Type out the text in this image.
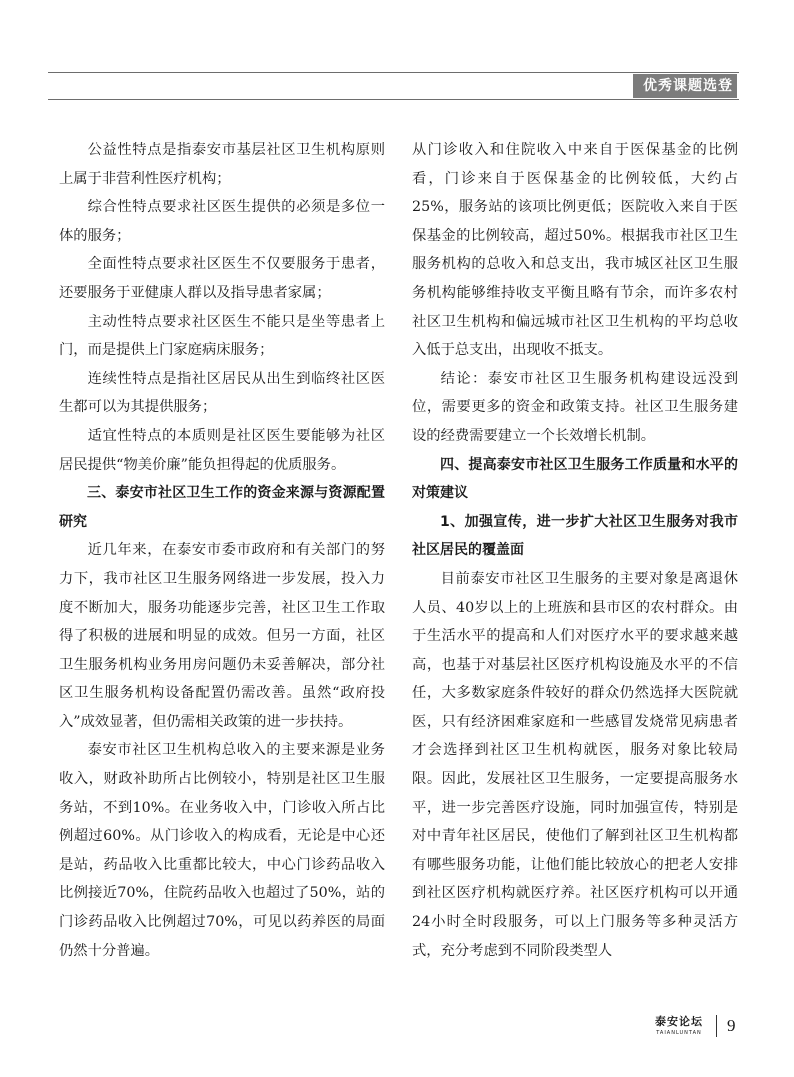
优秀课题选登

公益性特点是指泰安市基层社区卫生机构原则上属于非营利性医疗机构；

综合性特点要求社区医生提供的必须是多位一体的服务；

全面性特点要求社区医生不仅要服务于患者，还要服务于亚健康人群以及指导患者家属；

主动性特点要求社区医生不能只是坐等患者上门，而是提供上门家庭病床服务；

连续性特点是指社区居民从出生到临终社区医生都可以为其提供服务；

适宜性特点的本质则是社区医生要能够为社区居民提供“物美价廉”能负担得起的优质服务。

三、泰安市社区卫生工作的资金来源与资源配置研究

近几年来，在泰安市委市政府和有关部门的努力下，我市社区卫生服务网络进一步发展，投入力度不断加大，服务功能逐步完善，社区卫生工作取得了积极的进展和明显的成效。但另一方面，社区卫生服务机构业务用房问题仍未妥善解决，部分社区卫生服务机构设备配置仍需改善。虽然“政府投入”成效显著，但仍需相关政策的进一步扶持。

泰安市社区卫生机构总收入的主要来源是业务收入，财政补助所占比例较小，特别是社区卫生服务站，不到10%。在业务收入中，门诊收入所占比例超过60%。从门诊收入的构成看，无论是中心还是站，药品收入比重都比较大，中心门诊药品收入比例接近70%，住院药品收入也超过了50%，站的门诊药品收入比例超过70%，可见以药养医的局面仍然十分普遍。

从门诊收入和住院收入中来自于医保基金的比例看，门诊来自于医保基金的比例较低，大约占25%，服务站的该项比例更低；医院收入来自于医保基金的比例较高，超过50%。根据我市社区卫生服务机构的总收入和总支出，我市城区社区卫生服务机构能够维持收支平衡且略有节余，而许多农村社区卫生机构和偏远城市社区卫生机构的平均总收入低于总支出，出现收不抵支。

结论：泰安市社区卫生服务机构建设远没到位，需要更多的资金和政策支持。社区卫生服务建设的经费需要建立一个长效增长机制。

四、提高泰安市社区卫生服务工作质量和水平的对策建议

1、加强宣传，进一步扩大社区卫生服务对我市社区居民的覆盖面

目前泰安市社区卫生服务的主要对象是离退休人员、40岁以上的上班族和县市区的农村群众。由于生活水平的提高和人们对医疗水平的要求越来越高，也基于对基层社区医疗机构设施及水平的不信任，大多数家庭条件较好的群众仍然选择大医院就医，只有经济困难家庭和一些感冒发烧常见病患者才会选择到社区卫生机构就医，服务对象比较局限。因此，发展社区卫生服务，一定要提高服务水平，进一步完善医疗设施，同时加强宣传，特别是对中青年社区居民，使他们了解到社区卫生机构都有哪些服务功能，让他们能比较放心的把老人安排到社区医疗机构就医疗养。社区医疗机构可以开通24小时全时段服务，可以上门服务等多种灵活方式，充分考虑到不同阶段类型人

泰安论坛
TAIANLUNTAN 9
